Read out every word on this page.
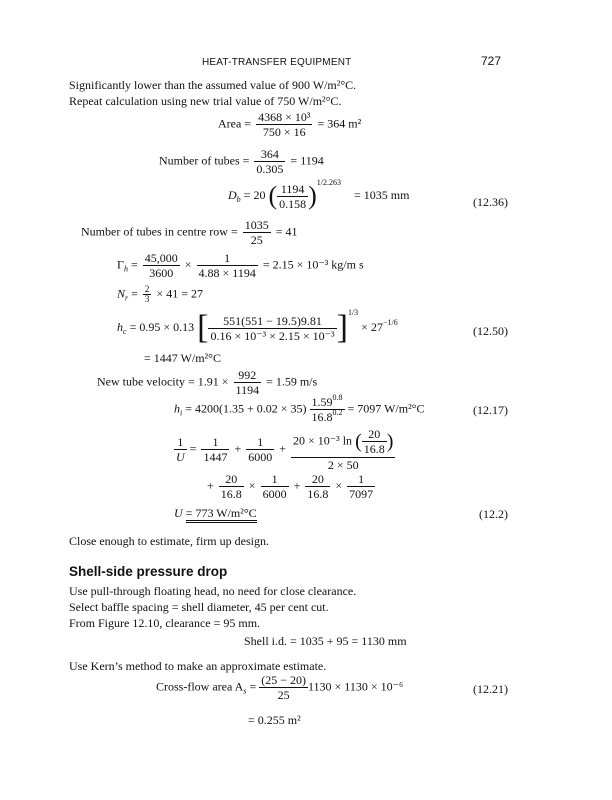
HEAT-TRANSFER EQUIPMENT	727
Significantly lower than the assumed value of 900 W/m²°C.
Repeat calculation using new trial value of 750 W/m²°C.
Area = $\frac{\text{4368 × 10³}}{750 \times 16} = 364$ m²
Number of tubes = $\frac{364}{0.305} = 1194$
$D_b = 20$ ( $\frac{1194}{0.158} )^{1/2.263} = 1035$ mm
(12.36)
Number of tubes in centre row = $\frac{1035}{25} = 41$
$\Gamma_h = \frac{45,000}{3600} \times \frac{1}{4.88 \times 1194} = 2.15 \times 10^{-3}$ kg/m s
$N_r = \frac{2}{3} \times 41 = 27$
$h_c = 0.95 \times 0.13$ [ $\frac{551(551 - 19.5)9.81}{\text{0.16 × 10⁻³ × 2.15 × 10⁻³}} ]^{1/3} \times 27^{-1/6}$
(12.50)
= 1447 W/m²°C
New tube velocity = $1.91 \times \frac{992}{1194} = 1.59$ m/s
$h_i = 4200(1.35 + 0.02 \times 35) \frac{1.59^{0.8}}{16.8^{0.2}} = 7097$ W/m²°C	(12.17)
$\frac{1}{U} = \frac{1}{1447} + \frac{1}{6000} + \frac{20 \times 10^{-3} \ln ( \frac{20}{16.8} )}{2 \times 50}$
+ $\frac{20}{16.8} \times \frac{1}{6000} + \frac{20}{16.8} \times \frac{1}{7097}$
U = 773 W/m²°C	(12.2)
Close enough to estimate, firm up design.
Shell-side pressure drop
Use pull-through floating head, no need for close clearance.
Select baffle spacing = shell diameter, 45 per cent cut.
From Figure 12.10, clearance = 95 mm.
Shell i.d. = 1035 + 95 = 1130 mm
Use Kern’s method to make an approximate estimate.
Cross-flow area $A_s = \frac{(25 - 20)}{25} 1130 \times 1130 \times 10^{-6}$	(12.21)
= 0.255 m²
